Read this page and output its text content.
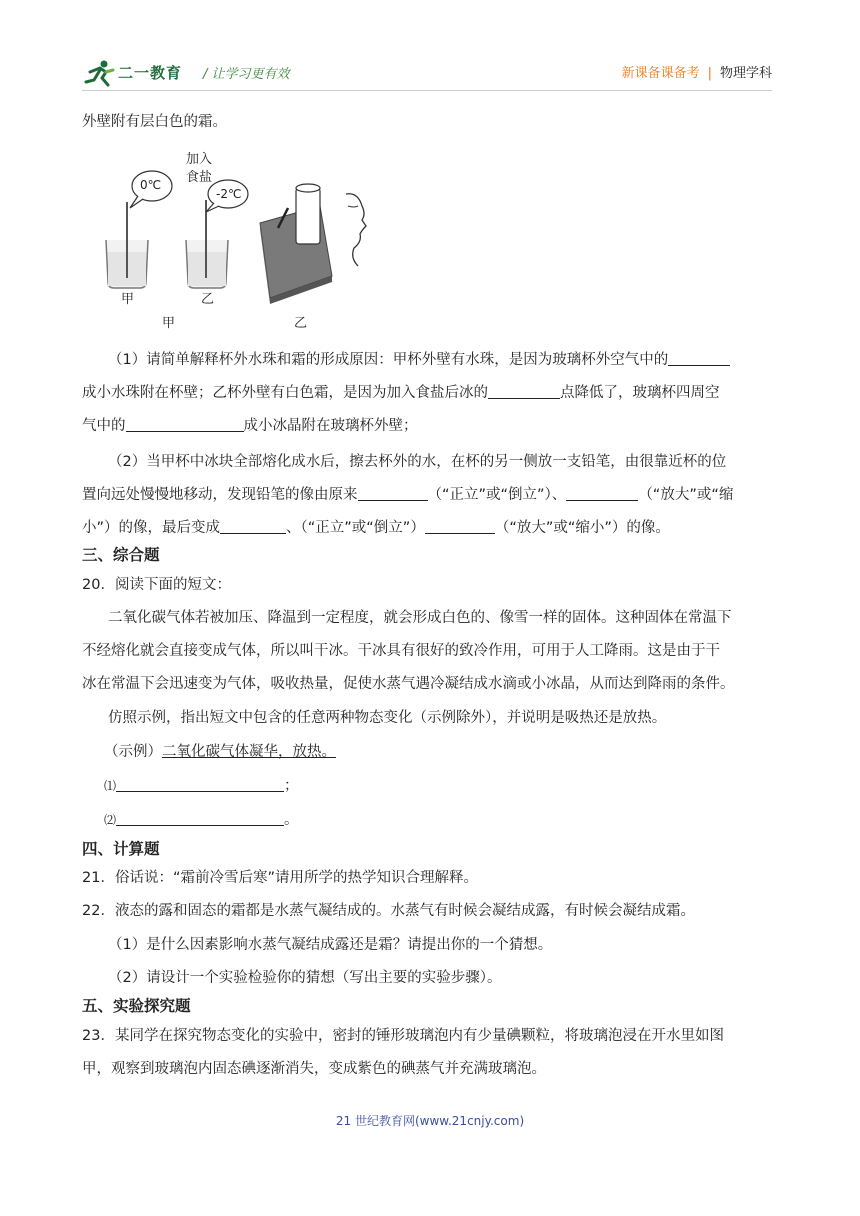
二一教育 / 让学习更有效	新课备课备考 | 物理学科
外壁附有层白色的霜。
0℃
-2℃
加入
食盐
甲	乙
甲	乙
（1）请简单解释杯外水珠和霜的形成原因：甲杯外壁有水珠，是因为玻璃杯外空气中的
成小水珠附在杯壁；乙杯外壁有白色霜，是因为加入食盐后冰的	点降低了，玻璃杯四周空
气中的	成小冰晶附在玻璃杯外壁；
（2）当甲杯中冰块全部熔化成水后，擦去杯外的水，在杯的另一侧放一支铅笔，由很靠近杯的位
置向远处慢慢地移动，发现铅笔的像由原来	（“正立”或“倒立”）、	（“放大”或“缩
小”）的像，最后变成	、（“正立”或“倒立”）	（“放大”或“缩小”）的像。
三、综合题
20．阅读下面的短文：
二氧化碳气体若被加压、降温到一定程度，就会形成白色的、像雪一样的固体。这种固体在常温下
不经熔化就会直接变成气体，所以叫干冰。干冰具有很好的致冷作用，可用于人工降雨。这是由于干
冰在常温下会迅速变为气体，吸收热量，促使水蒸气遇冷凝结成水滴或小冰晶，从而达到降雨的条件。
仿照示例，指出短文中包含的任意两种物态变化（示例除外），并说明是吸热还是放热。
（示例）二氧化碳气体凝华，放热。
⑴	；
⑵	。
四、计算题
21．俗话说：“霜前冷雪后寒”请用所学的热学知识合理解释。
22．液态的露和固态的霜都是水蒸气凝结成的。水蒸气有时候会凝结成露，有时候会凝结成霜。
（1）是什么因素影响水蒸气凝结成露还是霜？请提出你的一个猜想。
（2）请设计一个实验检验你的猜想（写出主要的实验步骤）。
五、实验探究题
23．某同学在探究物态变化的实验中，密封的锤形玻璃泡内有少量碘颗粒，将玻璃泡浸在开水里如图
甲，观察到玻璃泡内固态碘逐渐消失，变成紫色的碘蒸气并充满玻璃泡。
21 世纪教育网(www.21cnjy.com)
